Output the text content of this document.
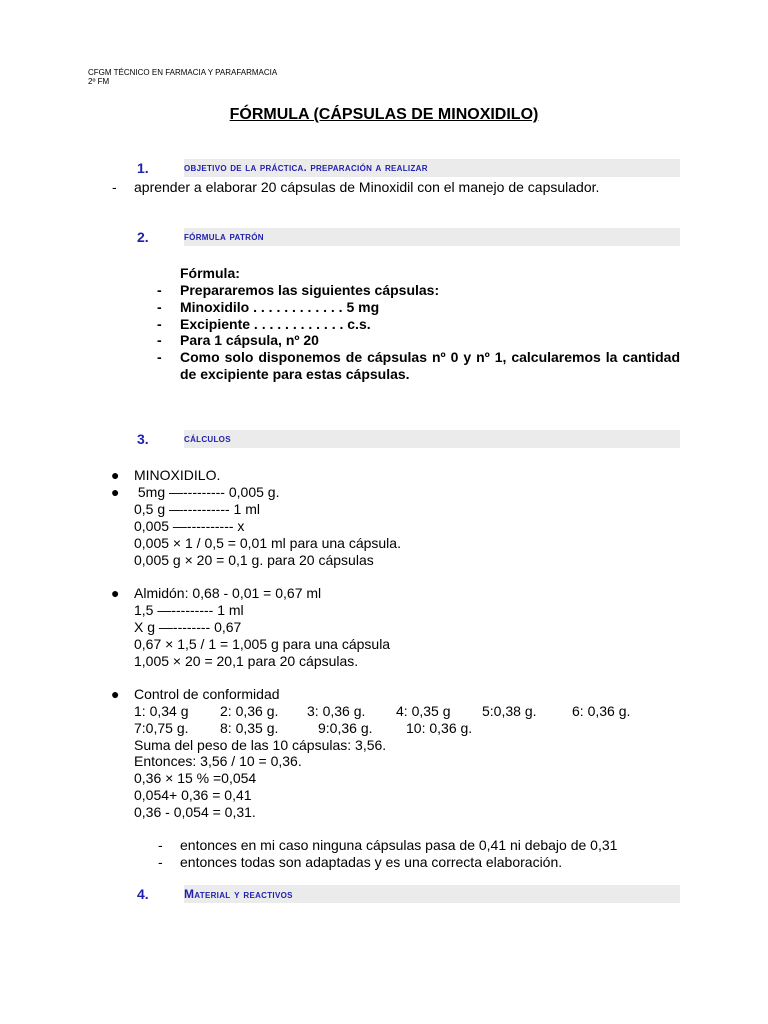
CFGM TÉCNICO EN FARMACIA Y PARAFARMACIA
2º FM
FÓRMULA (CÁPSULAS DE MINOXIDILO)
1.	objetivo de la práctica. preparación a realizar
- aprender a elaborar 20 cápsulas de Minoxidil con el manejo de capsulador.
2.	fórmula patrón
Fórmula:
- Prepararemos las siguientes cápsulas:
- Minoxidilo . . . . . . . . . . . . 5 mg
- Excipiente . . . . . . . . . . . . c.s.
- Para 1 cápsula, nº 20
- Como solo disponemos de cápsulas nº 0 y nº 1, calcularemos la cantidad de excipiente para estas cápsulas.
3.	cálculos
● MINOXIDILO.
● 5mg —--------- 0,005 g.
0,5 g —---------- 1 ml
0,005 —---------- x
0,005 × 1 / 0,5 = 0,01 ml para una cápsula.
0,005 g × 20 = 0,1 g. para 20 cápsulas
● Almidón: 0,68 - 0,01 = 0,67 ml
1,5 —--------- 1 ml
X g —-------- 0,67
0,67 × 1,5 / 1 = 1,005 g para una cápsula
1,005 × 20 = 20,1 para 20 cápsulas.
● Control de conformidad
1: 0,34 g 2: 0,36 g. 3: 0,36 g. 4: 0,35 g 5:0,38 g.	6: 0,36 g.
7:0,75 g. 8: 0,35 g.	9:0,36 g. 10: 0,36 g.
Suma del peso de las 10 cápsulas: 3,56.
Entonces: 3,56 / 10 = 0,36.
0,36 × 15 % =0,054
0,054+ 0,36 = 0,41
0,36 - 0,054 = 0,31.
- entonces en mi caso ninguna cápsulas pasa de 0,41 ni debajo de 0,31
- entonces todas son adaptadas y es una correcta elaboración.
4.	Material y reactivos
